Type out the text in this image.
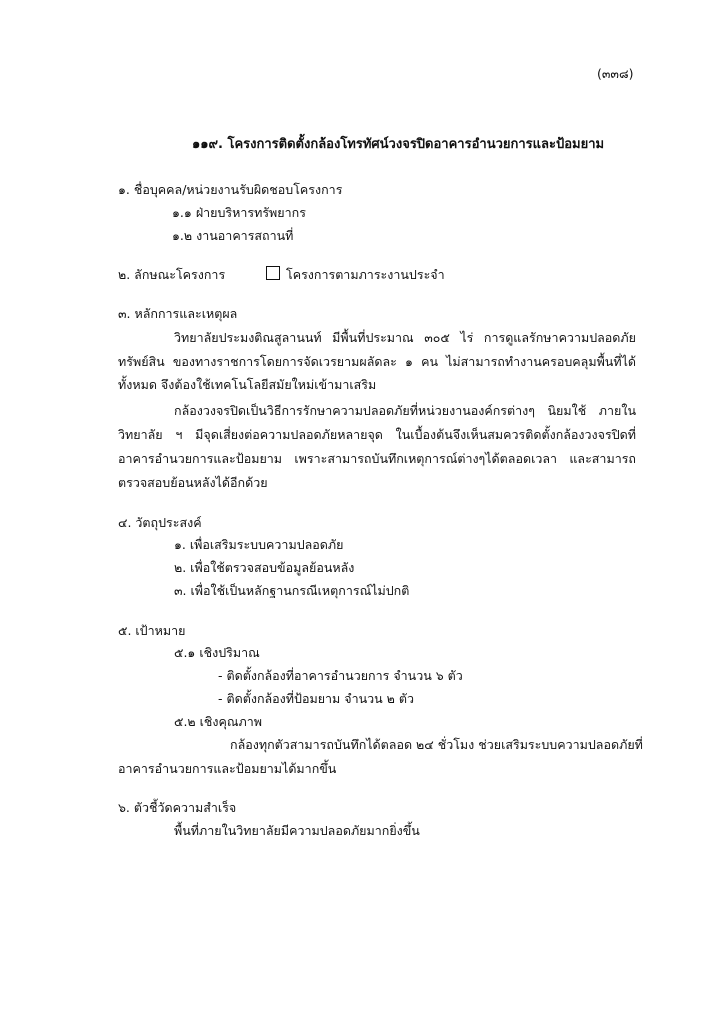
(๓๓๘)
๑๑๙. โครงการติดตั้งกล้องโทรทัศน์วงจรปิดอาคารอำนวยการและป้อมยาม
๑. ชื่อบุคคล/หน่วยงานรับผิดชอบโครงการ
๑.๑ ฝ่ายบริหารทรัพยากร
๑.๒ งานอาคารสถานที่
๒. ลักษณะโครงการ	โครงการตามภาระงานประจำ
๓. หลักการและเหตุผล
วิทยาลัยประมงติณสูลานนท์ มีพื้นที่ประมาณ ๓๐๕ ไร่ การดูแลรักษาความปลอดภัย
ทรัพย์สิน ของทางราชการโดยการจัดเวรยามผลัดละ ๑ คน ไม่สามารถทำงานครอบคลุมพื้นที่ได้
ทั้งหมด จึงต้องใช้เทคโนโลยีสมัยใหม่เข้ามาเสริม
กล้องวงจรปิดเป็นวิธีการรักษาความปลอดภัยที่หน่วยงานองค์กรต่างๆ นิยมใช้ ภายใน
วิทยาลัย ฯ มีจุดเสี่ยงต่อความปลอดภัยหลายจุด ในเบื้องต้นจึงเห็นสมควรติดตั้งกล้องวงจรปิดที่
อาคารอำนวยการและป้อมยาม เพราะสามารถบันทึกเหตุการณ์ต่างๆได้ตลอดเวลา และสามารถ
ตรวจสอบย้อนหลังได้อีกด้วย
๔. วัตถุประสงค์
๑. เพื่อเสริมระบบความปลอดภัย
๒. เพื่อใช้ตรวจสอบข้อมูลย้อนหลัง
๓. เพื่อใช้เป็นหลักฐานกรณีเหตุการณ์ไม่ปกติ
๕. เป้าหมาย
๕.๑ เชิงปริมาณ
- ติดตั้งกล้องที่อาคารอำนวยการ จำนวน ๖ ตัว
- ติดตั้งกล้องที่ป้อมยาม จำนวน ๒ ตัว
๕.๒ เชิงคุณภาพ
กล้องทุกตัวสามารถบันทึกได้ตลอด ๒๔ ชั่วโมง ช่วยเสริมระบบความปลอดภัยที่
อาคารอำนวยการและป้อมยามได้มากขึ้น
๖. ตัวชี้วัดความสำเร็จ
พื้นที่ภายในวิทยาลัยมีความปลอดภัยมากยิ่งขึ้น
